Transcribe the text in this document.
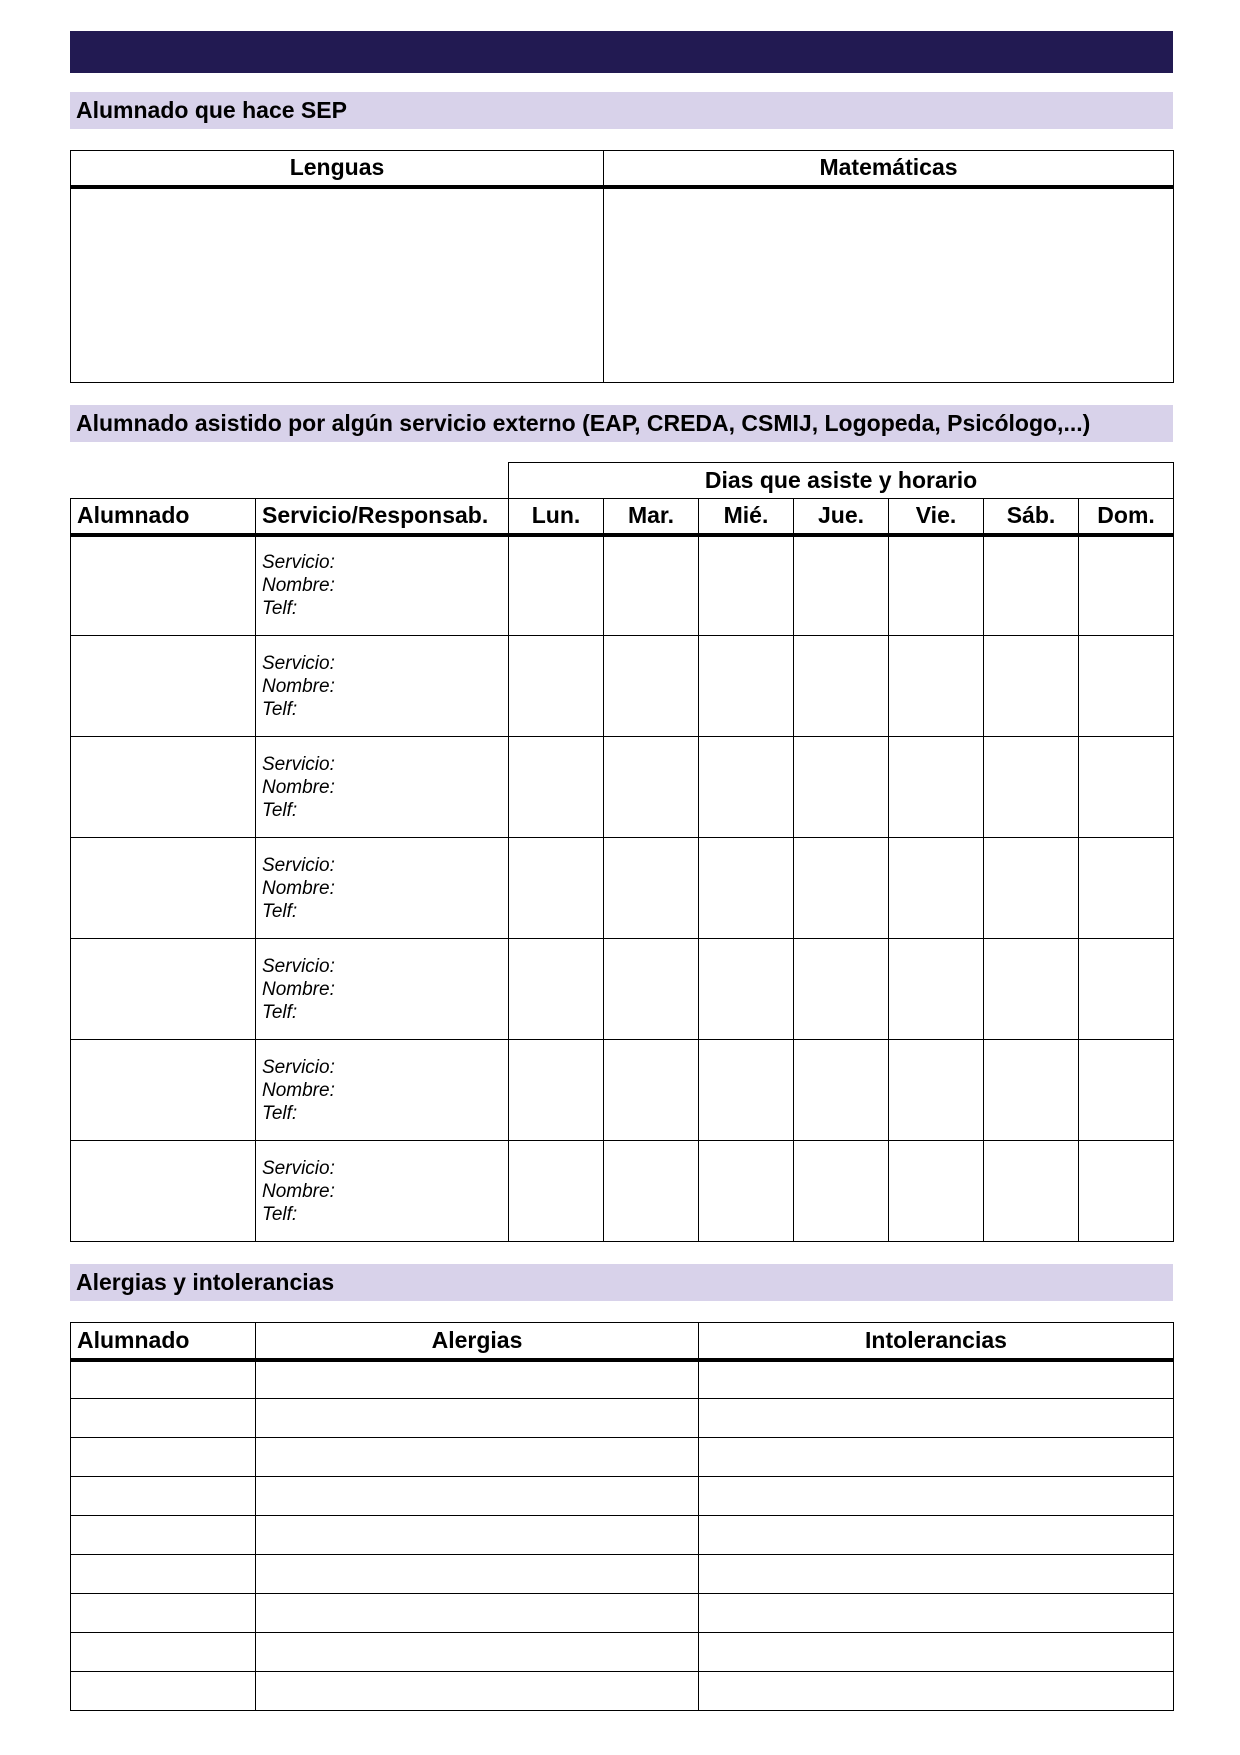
Alumnado que hace SEP
Lenguas	Matemáticas

Alumnado asistido por algún servicio externo (EAP, CREDA, CSMIJ, Logopeda, Psicólogo,...)
		Dias que asiste y horario						
Alumnado	Servicio/Responsab.	Lun.	Mar.	Mié.	Jue.	Vie.	Sáb.	Dom.

	Servicio:
Nombre:
Telf:							

	Servicio:
Nombre:
Telf:							

	Servicio:
Nombre:
Telf:							

	Servicio:
Nombre:
Telf:							

	Servicio:
Nombre:
Telf:							

	Servicio:
Nombre:
Telf:							

	Servicio:
Nombre:
Telf:							

Alergias y intolerancias
Alumnado	Alergias	Intolerancias
